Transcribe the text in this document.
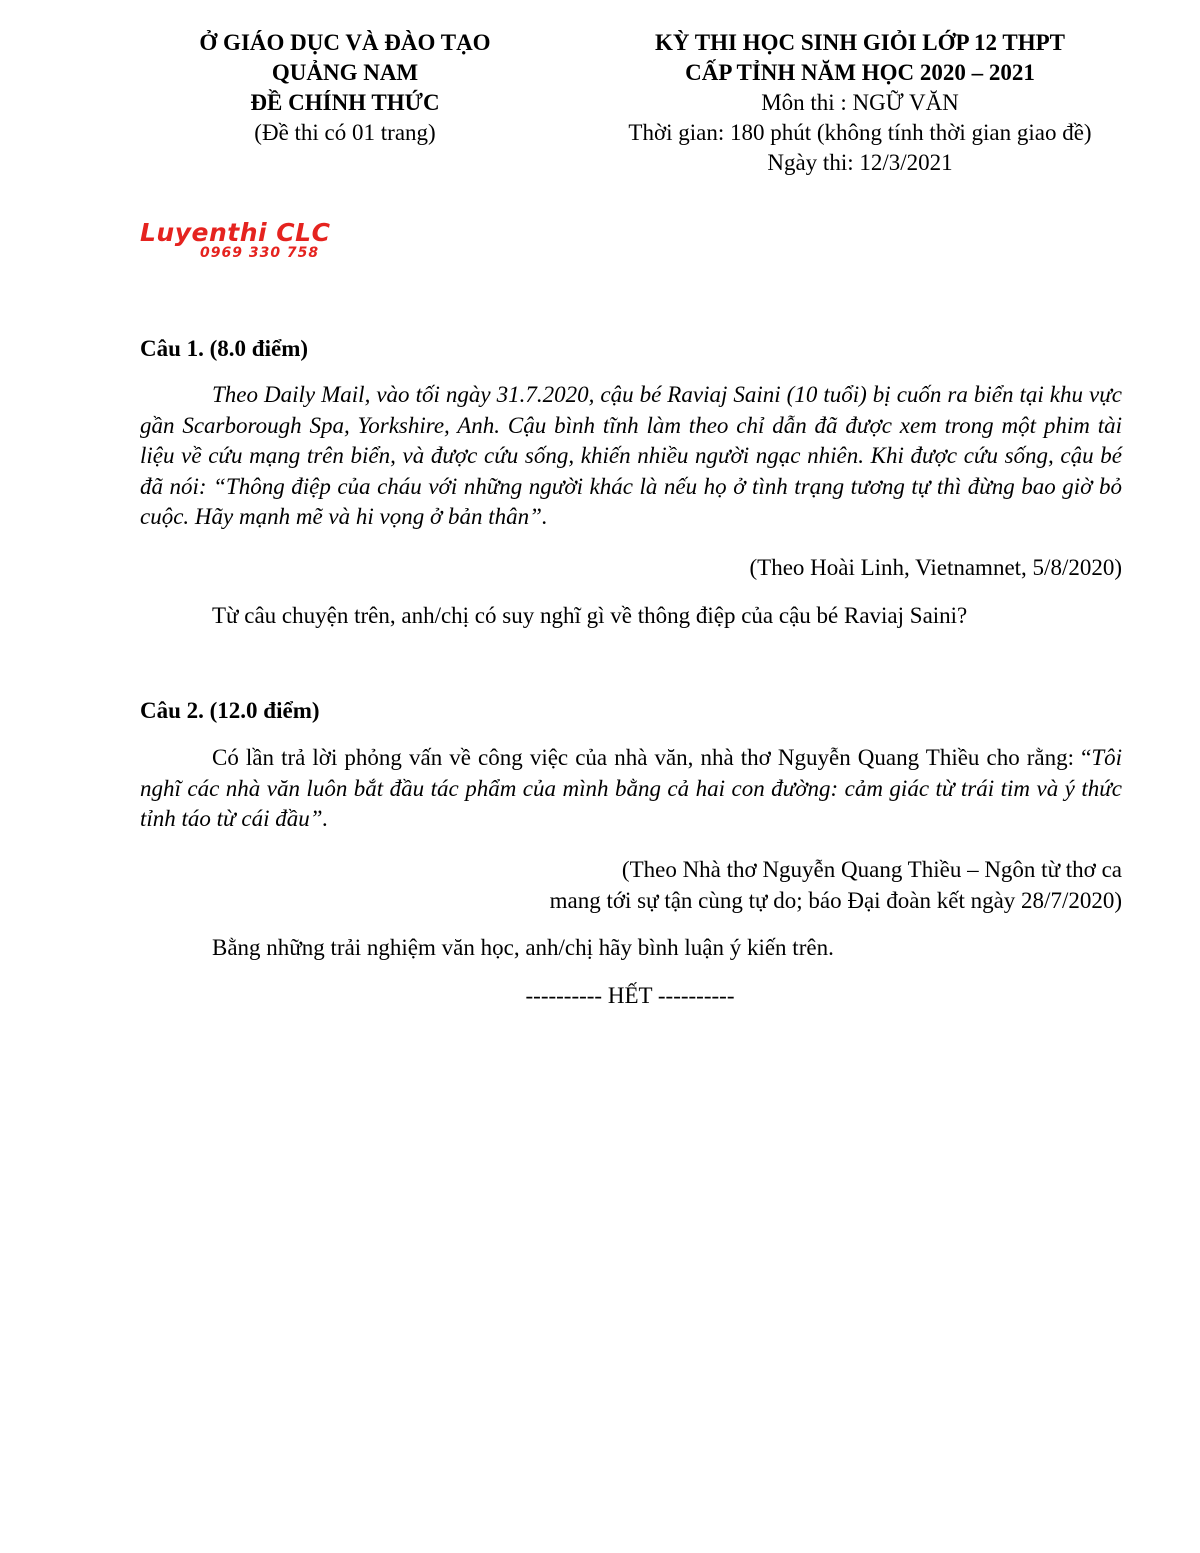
Ở GIÁO DỤC VÀ ĐÀO TẠO
QUẢNG NAM
ĐỀ CHÍNH THỨC
(Đề thi có 01 trang)
KỲ THI HỌC SINH GIỎI LỚP 12 THPT
CẤP TỈNH NĂM HỌC 2020 – 2021
Môn thi : NGỮ VĂN
Thời gian: 180 phút (không tính thời gian giao đề)
Ngày thi: 12/3/2021
Luyenthi CLC
0969 330 758
Câu 1. (8.0 điểm)
Theo Daily Mail, vào tối ngày 31.7.2020, cậu bé Raviaj Saini (10 tuổi) bị cuốn ra biển tại khu vực gần Scarborough Spa, Yorkshire, Anh. Cậu bình tĩnh làm theo chỉ dẫn đã được xem trong một phim tài liệu về cứu mạng trên biển, và được cứu sống, khiến nhiều người ngạc nhiên. Khi được cứu sống, cậu bé đã nói: “Thông điệp của cháu với những người khác là nếu họ ở tình trạng tương tự thì đừng bao giờ bỏ cuộc. Hãy mạnh mẽ và hi vọng ở bản thân”.
(Theo Hoài Linh, Vietnamnet, 5/8/2020)
Từ câu chuyện trên, anh/chị có suy nghĩ gì về thông điệp của cậu bé Raviaj Saini?
Câu 2. (12.0 điểm)
Có lần trả lời phỏng vấn về công việc của nhà văn, nhà thơ Nguyễn Quang Thiều cho rằng: “Tôi nghĩ các nhà văn luôn bắt đầu tác phẩm của mình bằng cả hai con đường: cảm giác từ trái tim và ý thức tỉnh táo từ cái đầu”.
(Theo Nhà thơ Nguyễn Quang Thiều – Ngôn từ thơ ca
mang tới sự tận cùng tự do; báo Đại đoàn kết ngày 28/7/2020)
Bằng những trải nghiệm văn học, anh/chị hãy bình luận ý kiến trên.
---------- HẾT ----------
